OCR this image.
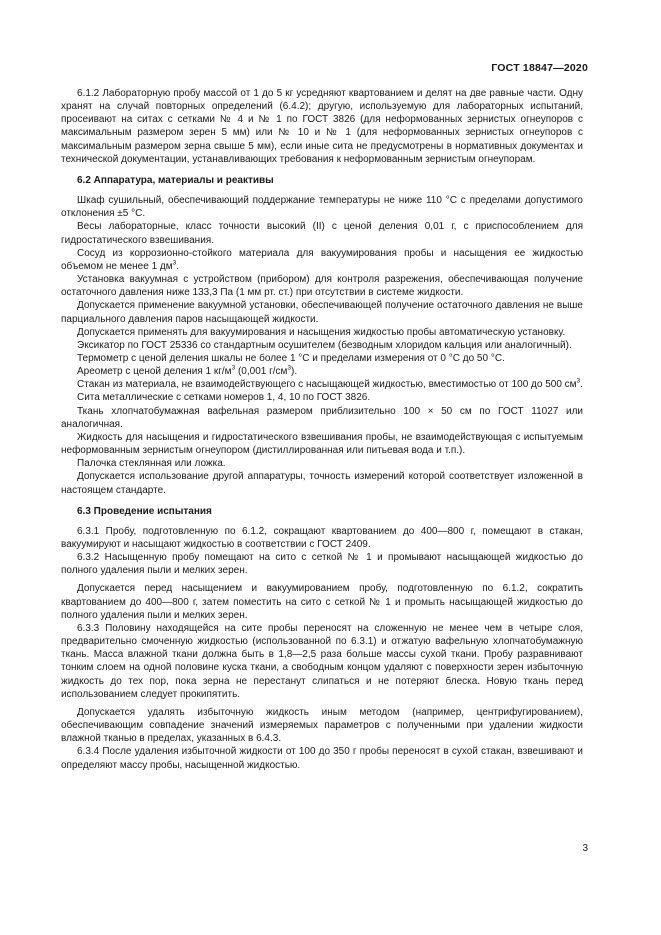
ГОСТ 18847—2020

6.1.2 Лабораторную пробу массой от 1 до 5 кг усредняют квартованием и делят на две равные части. Одну хранят на случай повторных определений (6.4.2); другую, используемую для лабораторных испытаний, просеивают на ситах с сетками № 4 и № 1 по ГОСТ 3826 (для неформованных зернистых огнеупоров с максимальным размером зерен 5 мм) или № 10 и № 1 (для неформованных зернистых огнеупоров с максимальным размером зерна свыше 5 мм), если иные сита не предусмотрены в нормативных документах и технической документации, устанавливающих требования к неформованным зернистым огнеупорам.

6.2 Аппаратура, материалы и реактивы

Шкаф сушильный, обеспечивающий поддержание температуры не ниже 110 °С с пределами допустимого отклонения ±5 °С.

Весы лабораторные, класс точности высокий (II) с ценой деления 0,01 г, с приспособлением для гидростатического взвешивания.

Сосуд из коррозионно-стойкого материала для вакуумирования пробы и насыщения ее жидкостью объемом не менее 1 $дм^3$.

Установка вакуумная с устройством (прибором) для контроля разрежения, обеспечивающая получение остаточного давления ниже 133,3 Па (1 мм рт. ст.) при отсутствии в системе жидкости.

Допускается применение вакуумной установки, обеспечивающей получение остаточного давления не выше парциального давления паров насыщающей жидкости.

Допускается применять для вакуумирования и насыщения жидкостью пробы автоматическую установку.

Эксикатор по ГОСТ 25336 со стандартным осушителем (безводным хлоридом кальция или аналогичный).

Термометр с ценой деления шкалы не более 1 °С и пределами измерения от 0 °С до 50 °С.

Ареометр с ценой деления 1 $кг/м^3$ (0,001 $г/см^3$).

Стакан из материала, не взаимодействующего с насыщающей жидкостью, вместимостью от 100 до 500 $см^3$.

Сита металлические с сетками номеров 1, 4, 10 по ГОСТ 3826.

Ткань хлопчатобумажная вафельная размером приблизительно 100 × 50 см по ГОСТ 11027 или аналогичная.

Жидкость для насыщения и гидростатического взвешивания пробы, не взаимодействующая с испытуемым неформованным зернистым огнеупором (дистиллированная или питьевая вода и т.п.).

Палочка стеклянная или ложка.

Допускается использование другой аппаратуры, точность измерений которой соответствует изложенной в настоящем стандарте.

6.3 Проведение испытания

6.3.1 Пробу, подготовленную по 6.1.2, сокращают квартованием до 400—800 г, помещают в стакан, вакуумируют и насыщают жидкостью в соответствии с ГОСТ 2409.

6.3.2 Насыщенную пробу помещают на сито с сеткой № 1 и промывают насыщающей жидкостью до полного удаления пыли и мелких зерен.

Допускается перед насыщением и вакуумированием пробу, подготовленную по 6.1.2, сократить квартованием до 400—800 г, затем поместить на сито с сеткой № 1 и промыть насыщающей жидкостью до полного удаления пыли и мелких зерен.

6.3.3 Половину находящейся на сите пробы переносят на сложенную не менее чем в четыре слоя, предварительно смоченную жидкостью (использованной по 6.3.1) и отжатую вафельную хлопчатобумажную ткань. Масса влажной ткани должна быть в 1,8—2,5 раза больше массы сухой ткани. Пробу разравнивают тонким слоем на одной половине куска ткани, а свободным концом удаляют с поверхности зерен избыточную жидкость до тех пор, пока зерна не перестанут слипаться и не потеряют блеска. Новую ткань перед использованием следует прокипятить.

Допускается удалять избыточную жидкость иным методом (например, центрифугированием), обеспечивающим совпадение значений измеряемых параметров с полученными при удалении жидкости влажной тканью в пределах, указанных в 6.4.3.

6.3.4 После удаления избыточной жидкости от 100 до 350 г пробы переносят в сухой стакан, взвешивают и определяют массу пробы, насыщенной жидкостью.

3
